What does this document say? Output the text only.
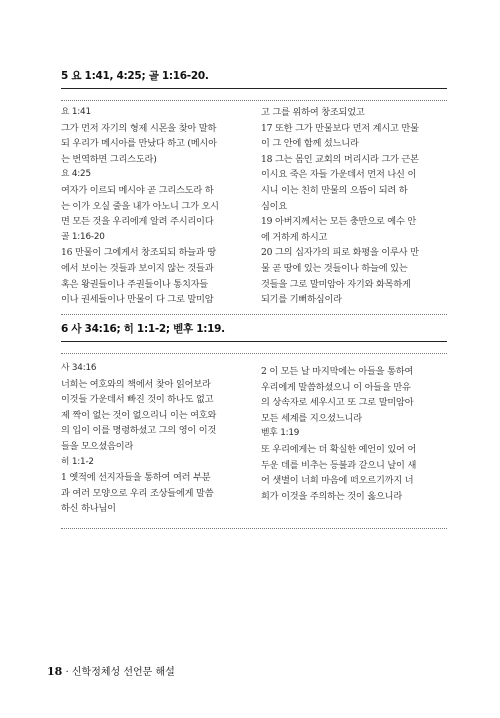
5 요 1:41, 4:25; 골 1:16-20.
요 1:41
그가 먼저 자기의 형제 시몬을 찾아 말하
되 우리가 메시아를 만났다 하고 (메시아
는 번역하면 그리스도라)
요 4:25
여자가 이르되 메시야 곧 그리스도라 하
는 이가 오실 줄을 내가 아노니 그가 오시
면 모든 것을 우리에게 알려 주시리이다
골 1:16-20
16 만물이 그에게서 창조되되 하늘과 땅
에서 보이는 것들과 보이지 않는 것들과
혹은 왕권들이나 주권들이나 통치자들
이나 권세들이나 만물이 다 그로 말미암
고 그를 위하여 창조되었고
17 또한 그가 만물보다 먼저 계시고 만물
이 그 안에 함께 섰느니라
18 그는 몸인 교회의 머리시라 그가 근본
이시요 죽은 자들 가운데서 먼저 나신 이
시니 이는 친히 만물의 으뜸이 되려 하
심이요
19 아버지께서는 모든 충만으로 예수 안
에 거하게 하시고
20 그의 십자가의 피로 화평을 이루사 만
물 곧 땅에 있는 것들이나 하늘에 있는
것들을 그로 말미암아 자기와 화목하게
되기를 기뻐하심이라
6 사 34:16; 히 1:1-2; 벧후 1:19.
사 34:16
너희는 여호와의 책에서 찾아 읽어보라
이것들 가운데서 빠진 것이 하나도 없고
제 짝이 없는 것이 없으리니 이는 여호와
의 입이 이를 명령하셨고 그의 영이 이것
들을 모으셨음이라
히 1:1-2
1 옛적에 선지자들을 통하여 여러 부분
과 여러 모양으로 우리 조상들에게 말씀
하신 하나님이
2 이 모든 날 마지막에는 아들을 통하여
우리에게 말씀하셨으니 이 아들을 만유
의 상속자로 세우시고 또 그로 말미암아
모든 세계를 지으셨느니라
벧후 1:19
또 우리에게는 더 확실한 예언이 있어 어
두운 데를 비추는 등불과 같으니 날이 새
어 샛별이 너희 마음에 떠오르기까지 너
희가 이것을 주의하는 것이 옳으니라
18 · 신학정체성 선언문 해설
